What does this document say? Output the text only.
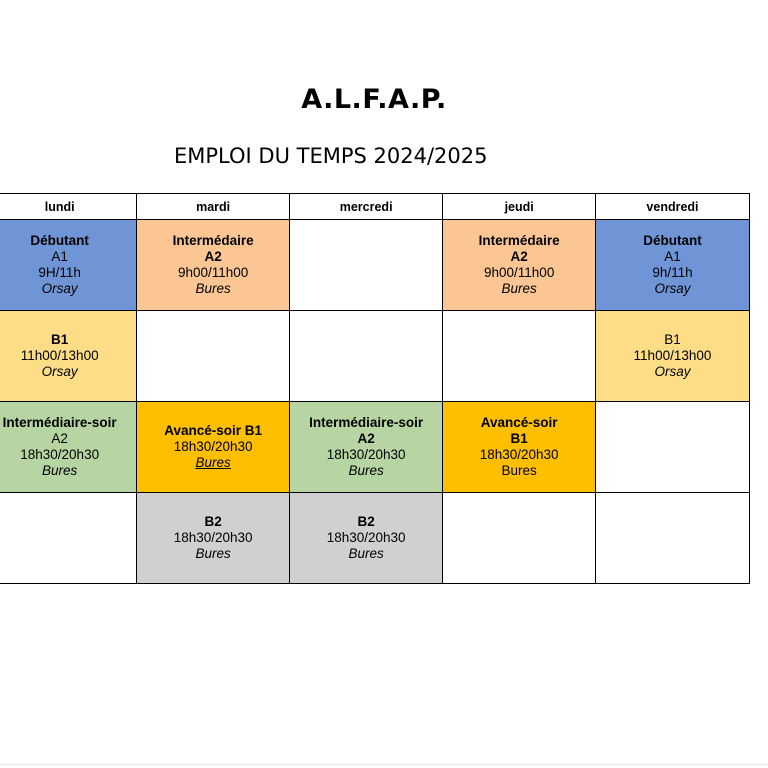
A.L.F.A.P.
EMPLOI DU TEMPS 2024/2025
lundi	mardi	mercredi	jeudi	vendredi

Débutant
A1
9H/11h
Orsay	Intermédaire
A2
9h00/11h00
Bures		Intermédaire
A2
9h00/11h00
Bures	Débutant
A1
9h/11h
Orsay

B1
11h00/13h00
Orsay				B1
11h00/13h00
Orsay

Intermédiaire-soir
A2
18h30/20h30
Bures	Avancé-soir B1
18h30/20h30
Bures	Intermédiaire-soir
A2
18h30/20h30
Bures	Avancé-soir
B1
18h30/20h30
Bures	

	B2
18h30/20h30
Bures	B2
18h30/20h30
Bures		
